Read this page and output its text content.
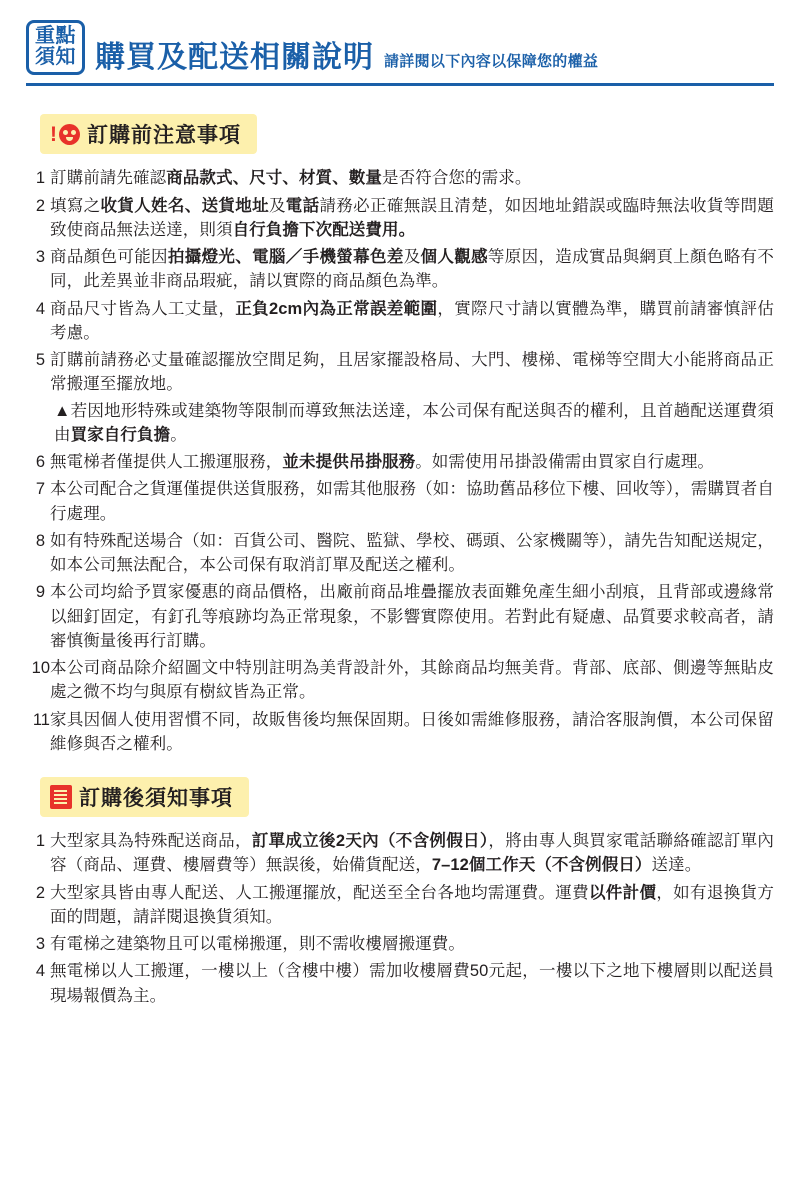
重點
須知 購買及配送相關說明 請詳閱以下內容以保障您的權益
! 訂購前注意事項
1 訂購前請先確認商品款式、尺寸、材質、數量是否符合您的需求。
2 填寫之收貨人姓名、送貨地址及電話請務必正確無誤且清楚，如因地址錯誤或臨時無法收貨等問題致使商品無法送達，則須自行負擔下次配送費用。
3 商品顏色可能因拍攝燈光、電腦／手機螢幕色差及個人觀感等原因，造成實品與網頁上顏色略有不同，此差異並非商品瑕疵，請以實際的商品顏色為準。
4 商品尺寸皆為人工丈量，正負2cm內為正常誤差範圍，實際尺寸請以實體為準，購買前請審慎評估考慮。
5 訂購前請務必丈量確認擺放空間足夠，且居家擺設格局、大門、樓梯、電梯等空間大小能將商品正常搬運至擺放地。
▲若因地形特殊或建築物等限制而導致無法送達，本公司保有配送與否的權利，且首趟配送運費須由買家自行負擔。
6 無電梯者僅提供人工搬運服務，並未提供吊掛服務。如需使用吊掛設備需由買家自行處理。
7 本公司配合之貨運僅提供送貨服務，如需其他服務（如：協助舊品移位下樓、回收等），需購買者自行處理。
8 如有特殊配送場合（如：百貨公司、醫院、監獄、學校、碼頭、公家機關等），請先告知配送規定，如本公司無法配合，本公司保有取消訂單及配送之權利。
9 本公司均給予買家優惠的商品價格，出廠前商品堆疊擺放表面難免產生細小刮痕，且背部或邊緣常以細釘固定，有釘孔等痕跡均為正常現象，不影響實際使用。若對此有疑慮、品質要求較高者，請審慎衡量後再行訂購。
10 本公司商品除介紹圖文中特別註明為美背設計外，其餘商品均無美背。背部、底部、側邊等無貼皮處之微不均勻與原有樹紋皆為正常。
11 家具因個人使用習慣不同，故販售後均無保固期。日後如需維修服務，請洽客服詢價，本公司保留維修與否之權利。
訂購後須知事項
1 大型家具為特殊配送商品，訂單成立後2天內（不含例假日），將由專人與買家電話聯絡確認訂單內容（商品、運費、樓層費等）無誤後，始備貨配送，7–12個工作天（不含例假日）送達。
2 大型家具皆由專人配送、人工搬運擺放，配送至全台各地均需運費。運費以件計價，如有退換貨方面的問題，請詳閱退換貨須知。
3 有電梯之建築物且可以電梯搬運，則不需收樓層搬運費。
4 無電梯以人工搬運，一樓以上（含樓中樓）需加收樓層費50元起，一樓以下之地下樓層則以配送員現場報價為主。
